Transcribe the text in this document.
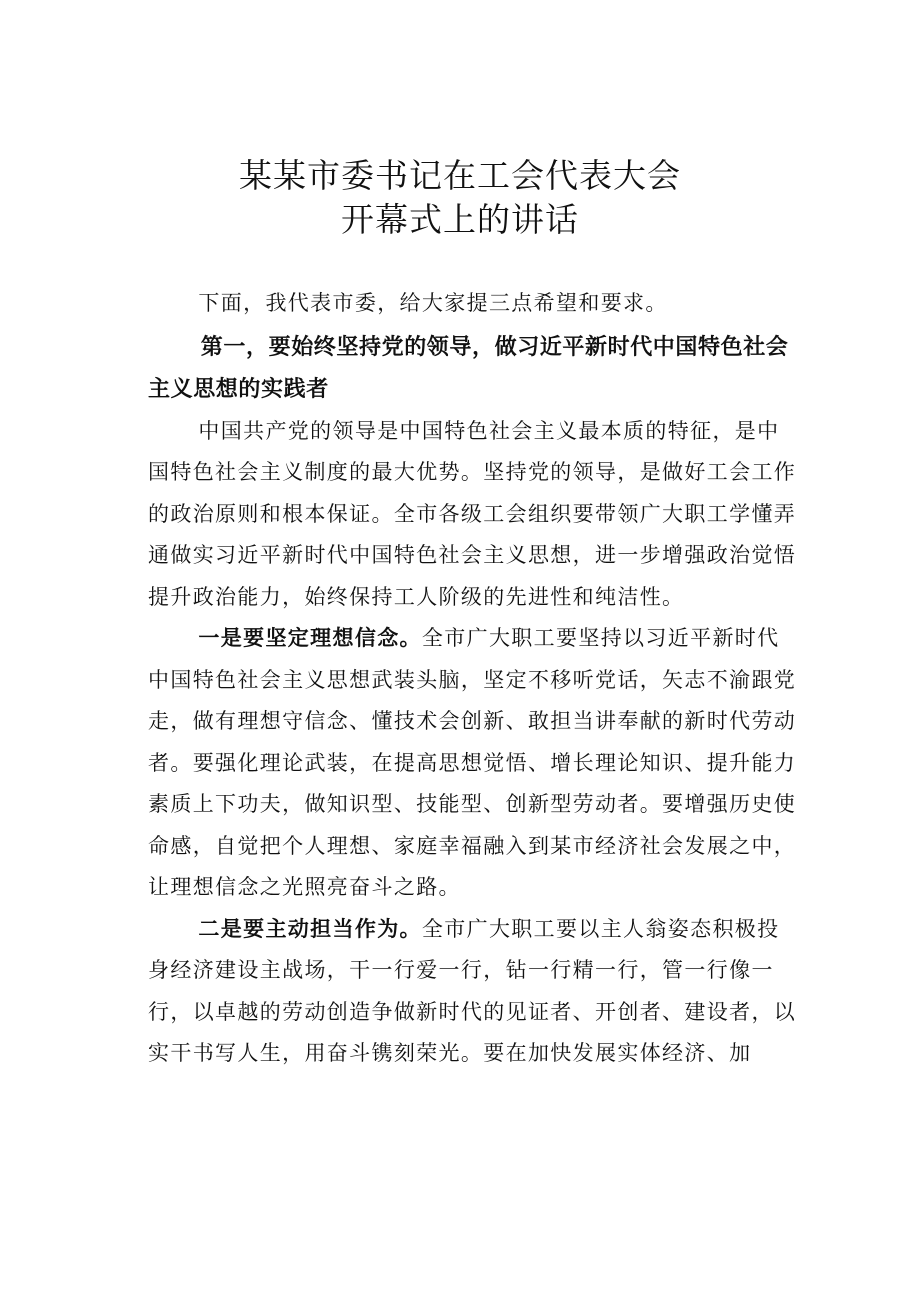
某某市委书记在工会代表大会
开幕式上的讲话

下面，我代表市委，给大家提三点希望和要求。

第一，要始终坚持党的领导，做习近平新时代中国特色社会主义思想的实践者

中国共产党的领导是中国特色社会主义最本质的特征，是中国特色社会主义制度的最大优势。坚持党的领导，是做好工会工作的政治原则和根本保证。全市各级工会组织要带领广大职工学懂弄通做实习近平新时代中国特色社会主义思想，进一步增强政治觉悟提升政治能力，始终保持工人阶级的先进性和纯洁性。

一是要坚定理想信念。全市广大职工要坚持以习近平新时代中国特色社会主义思想武装头脑，坚定不移听党话，矢志不渝跟党走，做有理想守信念、懂技术会创新、敢担当讲奉献的新时代劳动者。要强化理论武装，在提高思想觉悟、增长理论知识、提升能力素质上下功夫，做知识型、技能型、创新型劳动者。要增强历史使命感，自觉把个人理想、家庭幸福融入到某市经济社会发展之中，让理想信念之光照亮奋斗之路。

二是要主动担当作为。全市广大职工要以主人翁姿态积极投身经济建设主战场，干一行爱一行，钻一行精一行，管一行像一行，以卓越的劳动创造争做新时代的见证者、开创者、建设者，以实干书写人生，用奋斗镌刻荣光。要在加快发展实体经济、加
